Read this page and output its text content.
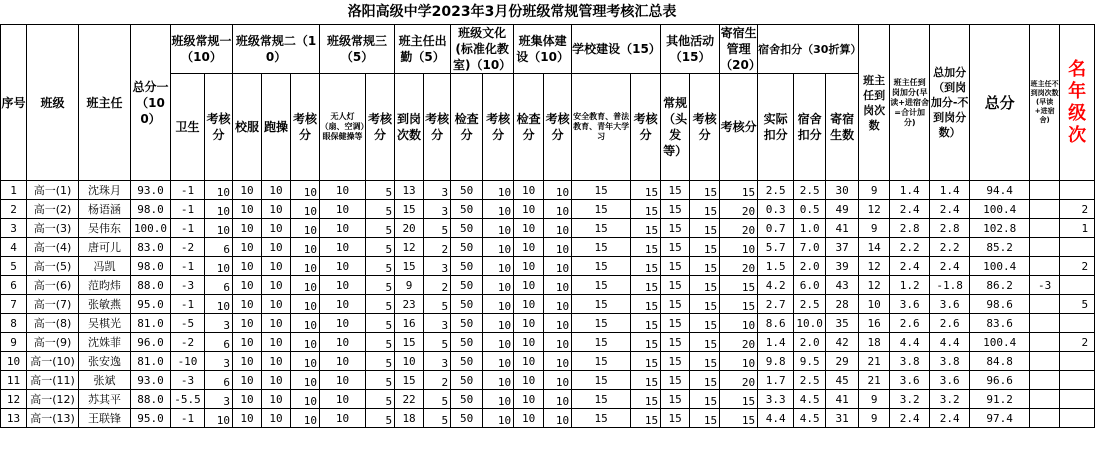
洛阳高级中学2023年3月份班级常规管理考核汇总表
序号	班级	班主任	总分一（100）	班级常规一（10）		班级常规二（10）			班级常规三（5）		班主任出勤（5）		班级文化(标准化教室)（10）		班集体建设（10）		学校建设（15）		其他活动（15）		寄宿生管理（20）	宿舍扣分（30折算）			班主任到岗次数	班主任到岗加分(早读+进宿舍=合计加分)	总加分（到岗加分-不到岗分数）	总分	班主任不到岗次数(早读+进宿舍)	名年级次
				卫生	考核分	校服	跑操	考核分	无人灯（扇、空调）眼保健操等	考核分	到岗次数	考核分	检查分	考核分	检查分	考核分	安全教育、普法教育、青年大学习	考核分	常规（头发等）	考核分	考核分	实际扣分	宿舍扣分	寄宿生数						
1	高一(1)	沈珠月	93.0	-1	10	10	10	10	10	5	13	3	50	10	10	10	15	15	15	15	15	2.5	2.5	30	9	1.4	1.4	94.4		
2	高一(2)	杨语涵	98.0	-1	10	10	10	10	10	5	15	3	50	10	10	10	15	15	15	15	20	0.3	0.5	49	12	2.4	2.4	100.4		2
3	高一(3)	吴伟东	100.0	-1	10	10	10	10	10	5	20	5	50	10	10	10	15	15	15	15	20	0.7	1.0	41	9	2.8	2.8	102.8		1
4	高一(4)	唐可儿	83.0	-2	6	10	10	10	10	5	12	2	50	10	10	10	15	15	15	15	10	5.7	7.0	37	14	2.2	2.2	85.2		
5	高一(5)	冯凯	98.0	-1	10	10	10	10	10	5	15	3	50	10	10	10	15	15	15	15	20	1.5	2.0	39	12	2.4	2.4	100.4		2
6	高一(6)	范昀炜	88.0	-3	6	10	10	10	10	5	9	2	50	10	10	10	15	15	15	15	15	4.2	6.0	43	12	1.2	-1.8	86.2	-3	
7	高一(7)	张敏燕	95.0	-1	10	10	10	10	10	5	23	5	50	10	10	10	15	15	15	15	15	2.7	2.5	28	10	3.6	3.6	98.6		5
8	高一(8)	吴棋光	81.0	-5	3	10	10	10	10	5	16	3	50	10	10	10	15	15	15	15	10	8.6	10.0	35	16	2.6	2.6	83.6		
9	高一(9)	沈姝菲	96.0	-2	6	10	10	10	10	5	15	5	50	10	10	10	15	15	15	15	20	1.4	2.0	42	18	4.4	4.4	100.4		2
10	高一(10)	张安逸	81.0	-10	3	10	10	10	10	5	10	3	50	10	10	10	15	15	15	15	10	9.8	9.5	29	21	3.8	3.8	84.8		
11	高一(11)	张斌	93.0	-3	6	10	10	10	10	5	15	2	50	10	10	10	15	15	15	15	20	1.7	2.5	45	21	3.6	3.6	96.6		
12	高一(12)	苏其平	88.0	-5.5	3	10	10	10	10	5	22	5	50	10	10	10	15	15	15	15	15	3.3	4.5	41	9	3.2	3.2	91.2		
13	高一(13)	王联锋	95.0	-1	10	10	10	10	10	5	18	5	50	10	10	10	15	15	15	15	15	4.4	4.5	31	9	2.4	2.4	97.4		
